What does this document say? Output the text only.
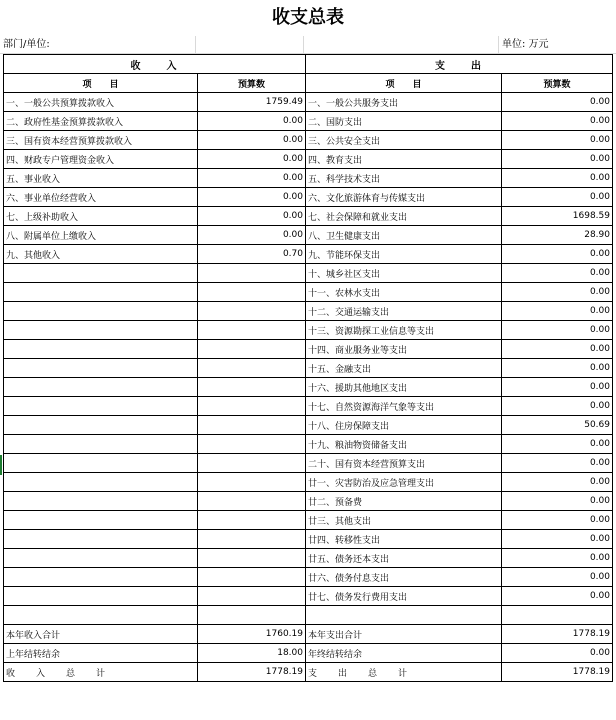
收支总表
部门/单位:	单位: 万元
收　　入		支　　出	
项　　目	预算数	项　　目	预算数
一、一般公共预算拨款收入	1759.49	一、一般公共服务支出	0.00
二、政府性基金预算拨款收入	0.00	二、国防支出	0.00
三、国有资本经营预算拨款收入	0.00	三、公共安全支出	0.00
四、财政专户管理资金收入	0.00	四、教育支出	0.00
五、事业收入	0.00	五、科学技术支出	0.00
六、事业单位经营收入	0.00	六、文化旅游体育与传媒支出	0.00
七、上级补助收入	0.00	七、社会保障和就业支出	1698.59
八、附属单位上缴收入	0.00	八、卫生健康支出	28.90
九、其他收入	0.70	九、节能环保支出	0.00
		十、城乡社区支出	0.00
		十一、农林水支出	0.00
		十二、交通运输支出	0.00
		十三、资源勘探工业信息等支出	0.00
		十四、商业服务业等支出	0.00
		十五、金融支出	0.00
		十六、援助其他地区支出	0.00
		十七、自然资源海洋气象等支出	0.00
		十八、住房保障支出	50.69
		十九、粮油物资储备支出	0.00
		二十、国有资本经营预算支出	0.00
		廿一、灾害防治及应急管理支出	0.00
		廿二、预备费	0.00
		廿三、其他支出	0.00
		廿四、转移性支出	0.00
		廿五、债务还本支出	0.00
		廿六、债务付息支出	0.00
		廿七、债务发行费用支出	0.00

本年收入合计	1760.19	本年支出合计	1778.19
上年结转结余	18.00	年终结转结余	0.00
收　入　总　计	1778.19	支　出　总　计	1778.19
